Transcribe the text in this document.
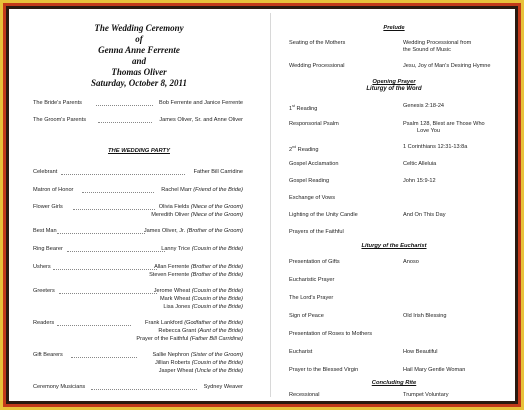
The Wedding Ceremony
of
Genna Anne Ferrente
and
Thomas Oliver
Saturday, October 8, 2011
The Bride's Parents	Bob Ferrente and Janice Ferrente
The Groom's Parents	James Oliver, Sr. and Anne Oliver
THE WEDDING PARTY
Celebrant	Father Bill Carridine
Matron of Honor	Rachel Marr (Friend of the Bride)
Flower Girls	Olivia Fields (Niece of the Groom)
Meredith Oliver (Niece of the Groom)
Best Man	James Oliver, Jr. (Brother of the Groom)
Ring Bearer	Lanny Trice (Cousin of the Bride)
Ushers	Allan Ferrente (Brother of the Bride)
Steven Ferrente (Brother of the Bride)
Greeters	Jerome Wheat (Cousin of the Bride)
Mark Wheat (Cousin of the Bride)
Lisa Jones (Cousin of the Bride)
Readers	Frank Lankford (Godfather of the Bride)
Rebecca Grant (Aunt of the Bride)
Prayer of the Faithful (Father Bill Carridine)
Gift Bearers	Sallie Nephron (Sister of the Groom)
Jillian Roberts (Cousin of the Bride)
Jasper Wheat (Uncle of the Bride)
Ceremony Musicians	Sydney Weaver
Prelude
Seating of the Mothers	Wedding Processional from
the Sound of Music
Wedding Processional	Jesu, Joy of Man's Desiring Hymne
Opening Prayer
Liturgy of the Word
1st Reading	Genesis 2:18-24
Responsorial Psalm	Psalm 128, Blest are Those Who
Love You
2nd Reading	1 Corinthians 12:31-13:8a
Gospel Acclamation	Celtic Alleluia
Gospel Reading	John 15:9-12
Exchange of Vows
Lighting of the Unity Candle	And On This Day
Prayers of the Faithful
Liturgy of the Eucharist
Presentation of Gifts	Anoso
Eucharistic Prayer
The Lord's Prayer
Sign of Peace	Old Irish Blessing
Presentation of Roses to Mothers
Eucharist	How Beautiful
Prayer to the Blessed Virgin	Hail Mary Gentle Woman
Concluding Rite
Recessional	Trumpet Voluntary
